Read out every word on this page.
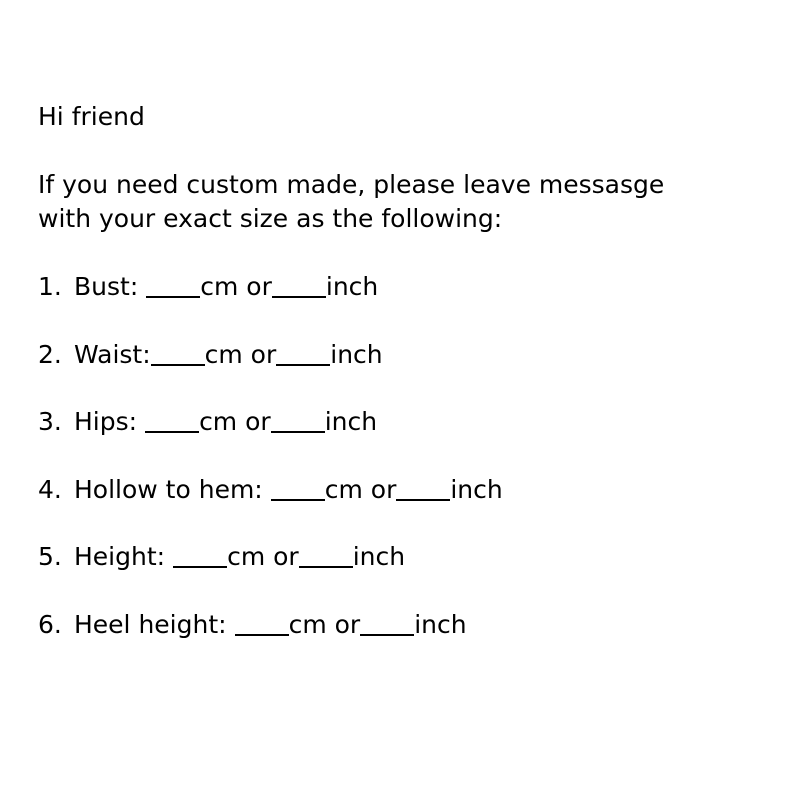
Hi friend

If you need custom made, please leave messasge
with your exact size as the following:

1. Bust: cm or inch
2. Waist: cm or inch
3. Hips: cm or inch
4. Hollow to hem: cm or inch
5. Height: cm or inch
6. Heel height: cm or inch
